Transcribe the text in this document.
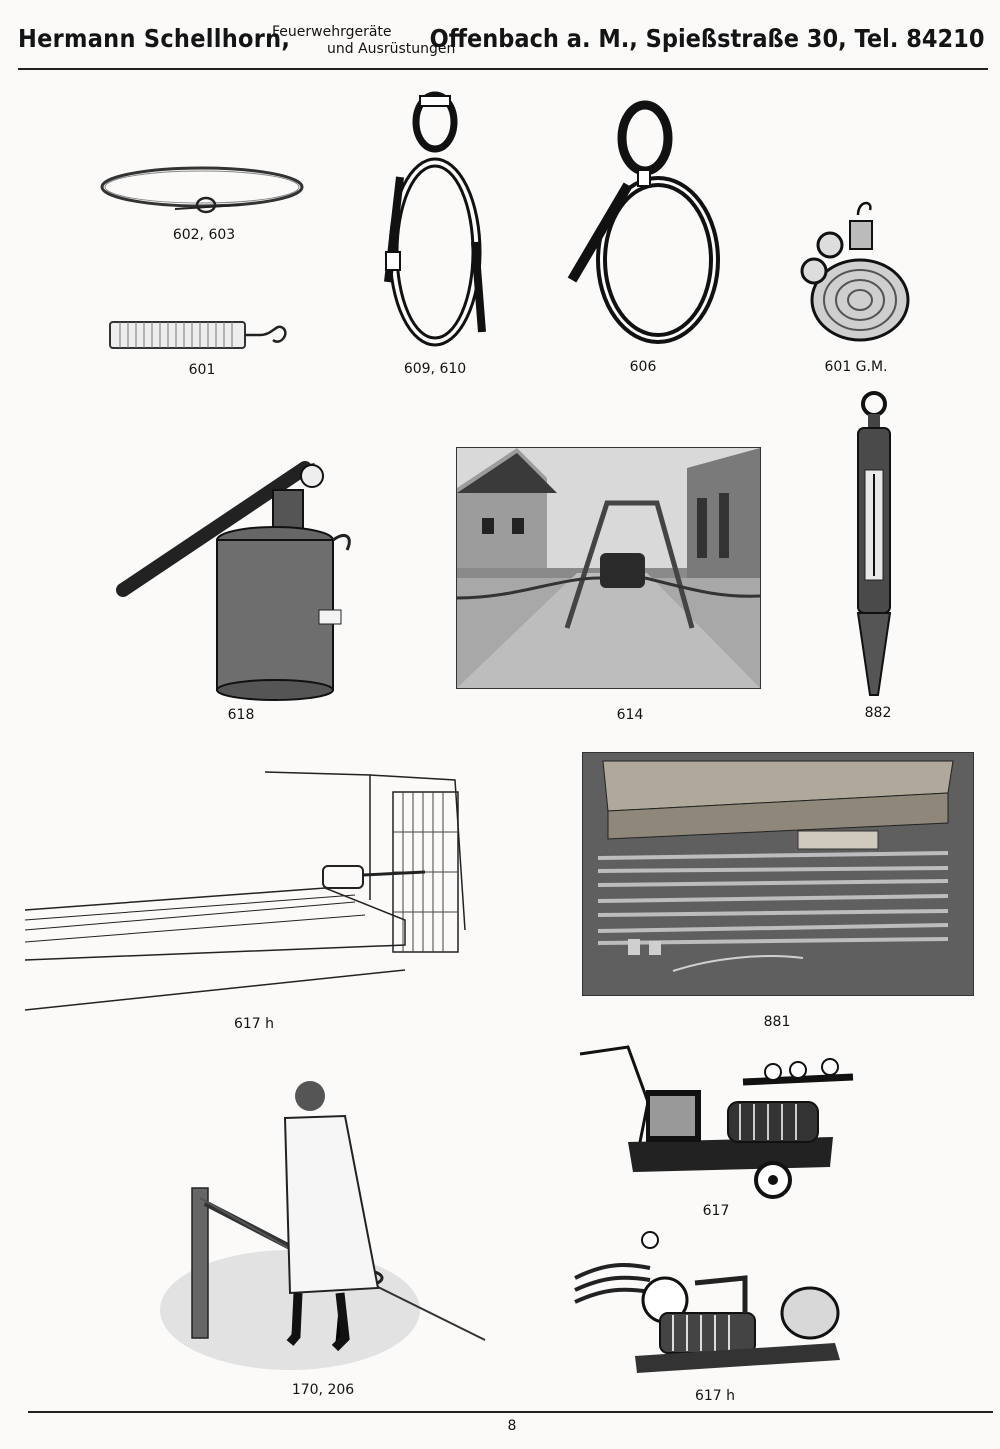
Hermann Schellhorn,
Feuerwehrgeräte
und Ausrüstungen
Offenbach a. M., Spießstraße 30, Tel. 84210
602, 603
601	609, 610	606	601 G.M.
618	614	882
617 h	881
617
170, 206	617 h
8
